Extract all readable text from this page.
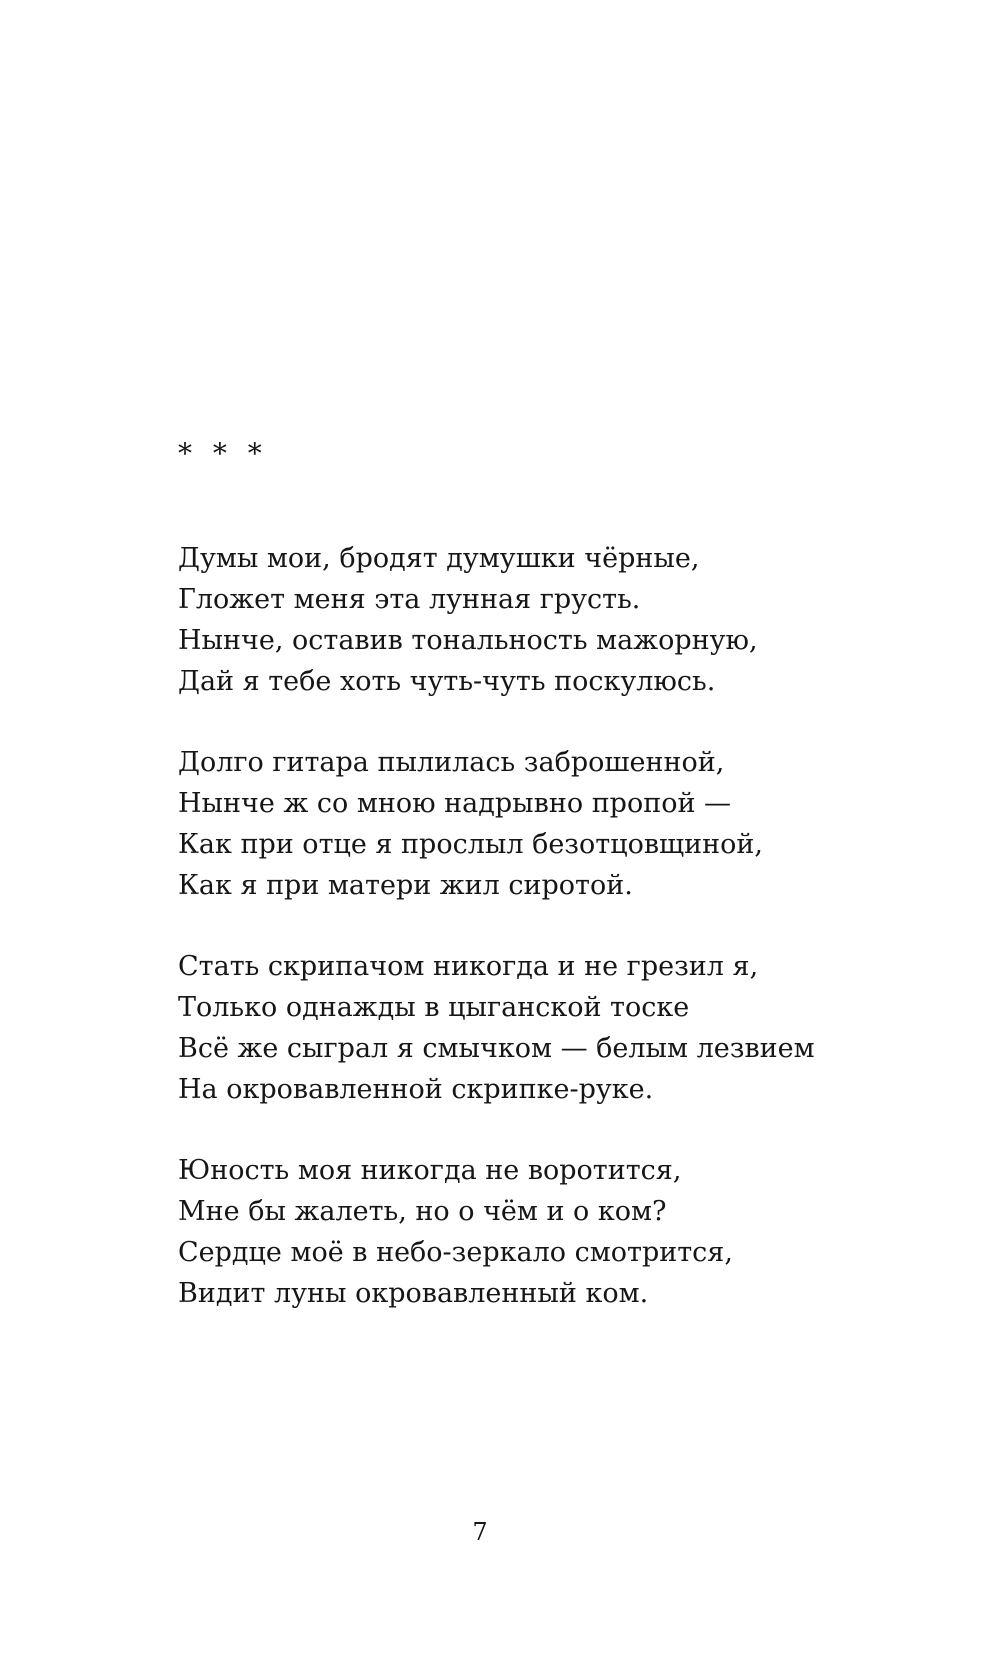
* * *
Думы мои, бродят думушки чёрные,
Гложет меня эта лунная грусть.
Нынче, оставив тональность мажорную,
Дай я тебе хоть чуть-чуть поскулюсь.
Долго гитара пылилась заброшенной,
Нынче ж со мною надрывно пропой —
Как при отце я прослыл безотцовщиной,
Как я при матери жил сиротой.
Стать скрипачом никогда и не грезил я,
Только однажды в цыганской тоске
Всё же сыграл я смычком — белым лезвием
На окровавленной скрипке-руке.
Юность моя никогда не воротится,
Мне бы жалеть, но о чём и о ком?
Сердце моё в небо-зеркало смотрится,
Видит луны окровавленный ком.
7
